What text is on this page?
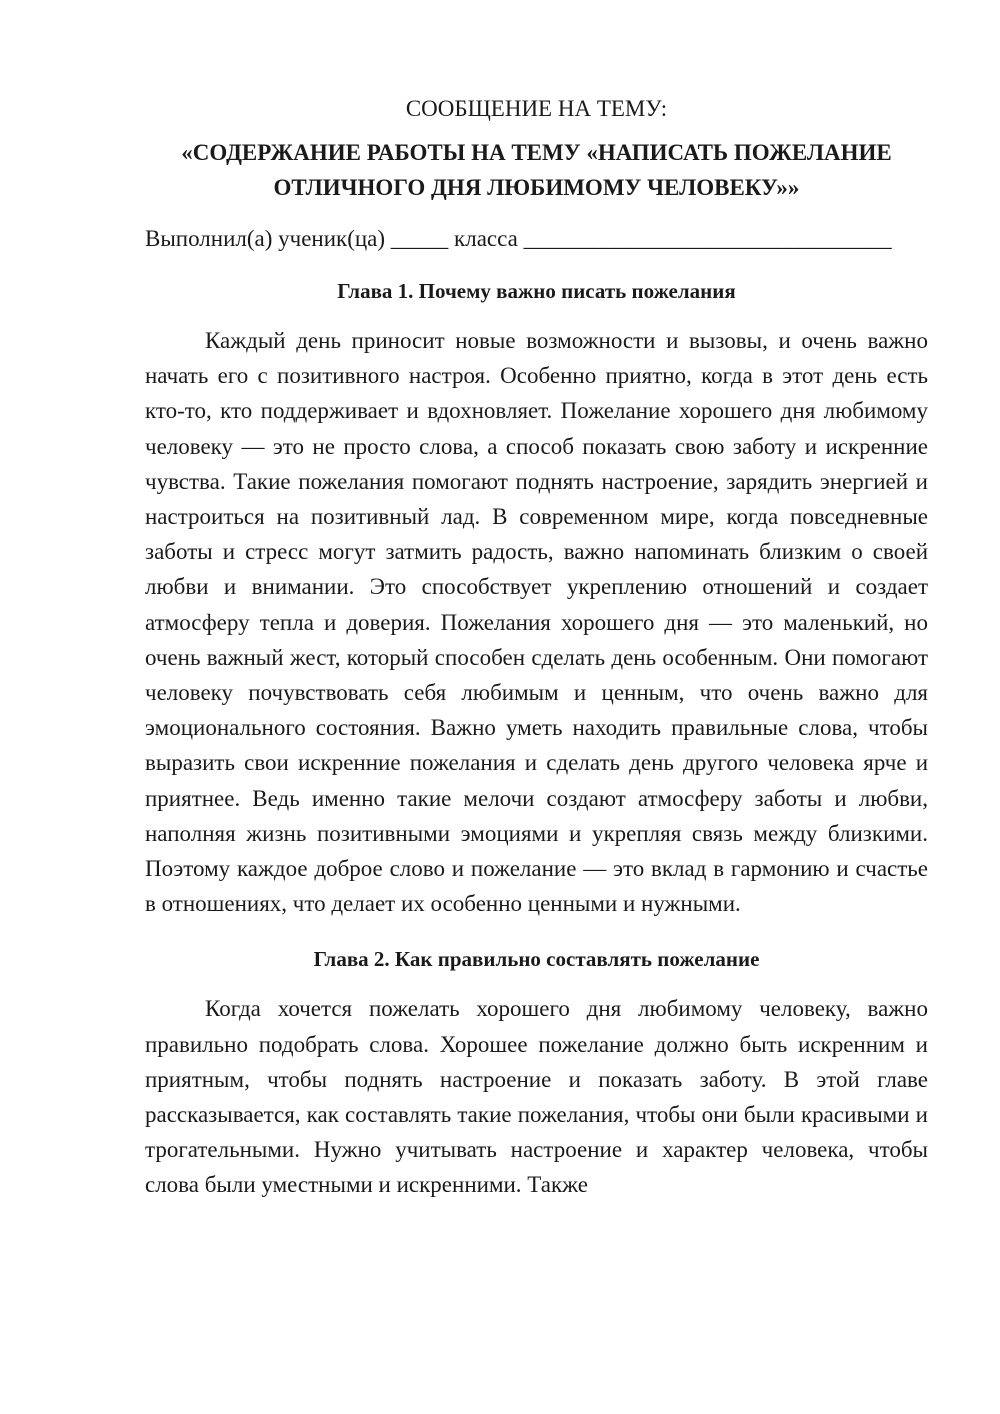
СООБЩЕНИЕ НА ТЕМУ:
«СОДЕРЖАНИЕ РАБОТЫ НА ТЕМУ «НАПИСАТЬ ПОЖЕЛАНИЕ
ОТЛИЧНОГО ДНЯ ЛЮБИМОМУ ЧЕЛОВЕКУ»»
Выполнил(а) ученик(ца) _____ класса ________________________________
Глава 1. Почему важно писать пожелания

Каждый день приносит новые возможности и вызовы, и очень важно начать его с позитивного настроя. Особенно приятно, когда в этот день есть кто-то, кто поддерживает и вдохновляет. Пожелание хорошего дня любимому человеку — это не просто слова, а способ показать свою заботу и искренние чувства. Такие пожелания помогают поднять настроение, зарядить энергией и настроиться на позитивный лад. В современном мире, когда повседневные заботы и стресс могут затмить радость, важно напоминать близким о своей любви и внимании. Это способствует укреплению отношений и создает атмосферу тепла и доверия. Пожелания хорошего дня — это маленький, но очень важный жест, который способен сделать день особенным. Они помогают человеку почувствовать себя любимым и ценным, что очень важно для эмоционального состояния. Важно уметь находить правильные слова, чтобы выразить свои искренние пожелания и сделать день другого человека ярче и приятнее. Ведь именно такие мелочи создают атмосферу заботы и любви, наполняя жизнь позитивными эмоциями и укрепляя связь между близкими. Поэтому каждое доброе слово и пожелание — это вклад в гармонию и счастье в отношениях, что делает их особенно ценными и нужными.

Глава 2. Как правильно составлять пожелание

Когда хочется пожелать хорошего дня любимому человеку, важно правильно подобрать слова. Хорошее пожелание должно быть искренним и приятным, чтобы поднять настроение и показать заботу. В этой главе рассказывается, как составлять такие пожелания, чтобы они были красивыми и трогательными. Нужно учитывать настроение и характер человека, чтобы слова были уместными и искренними. Также
